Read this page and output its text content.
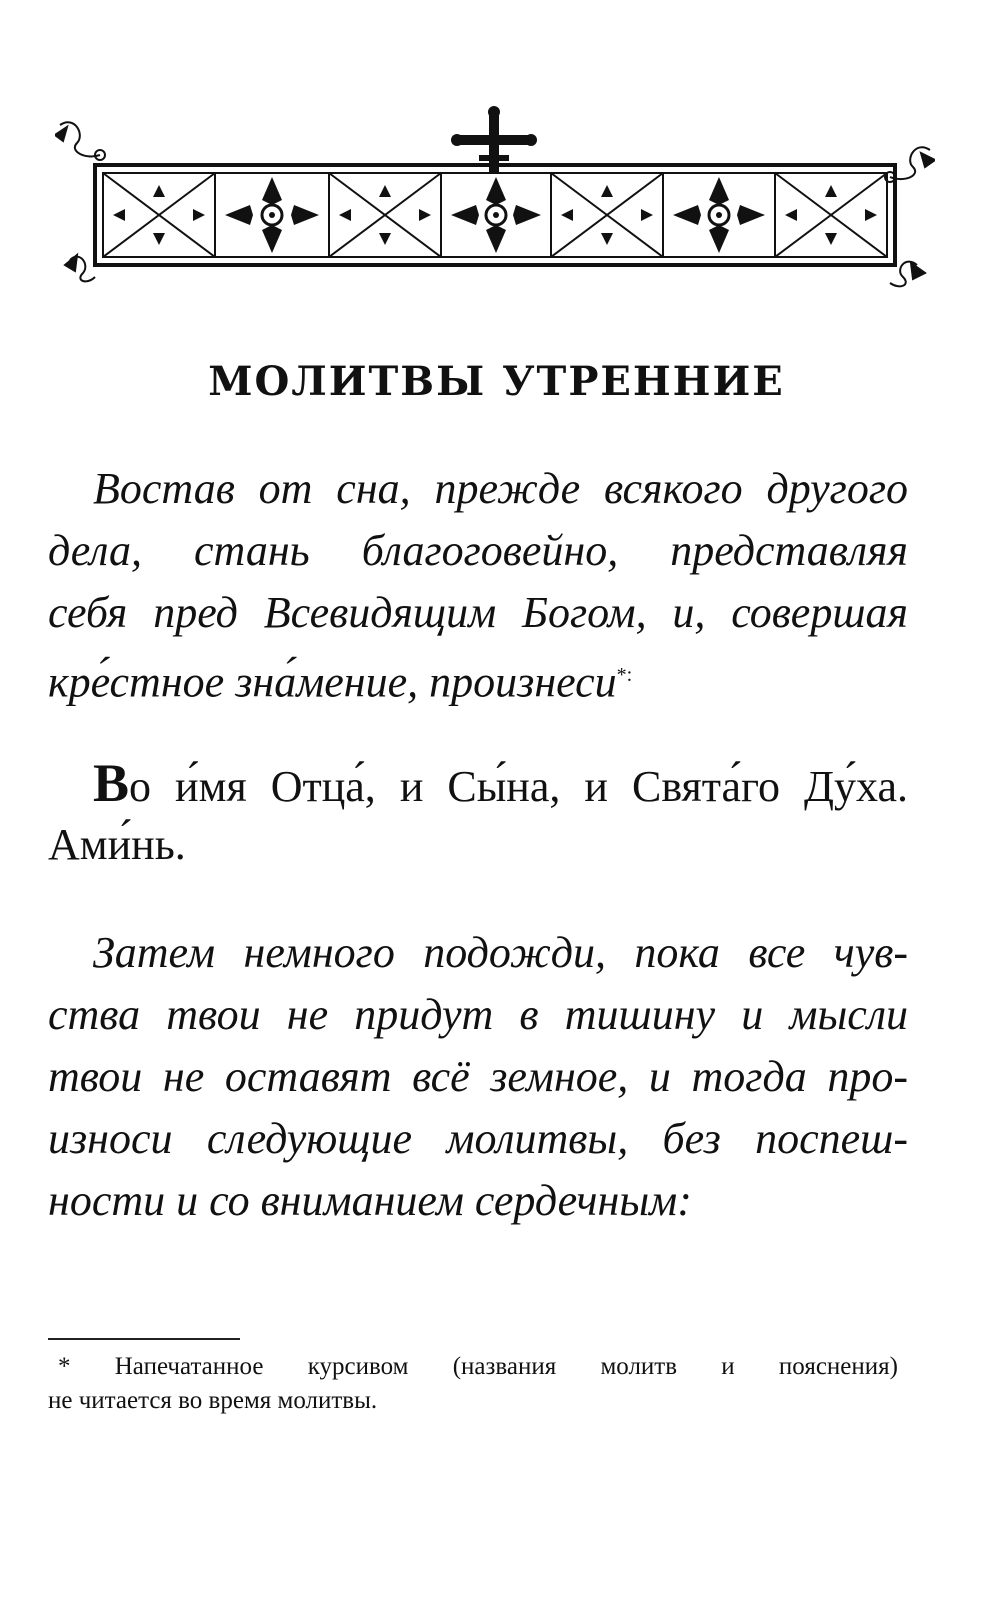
МОЛИТВЫ УТРЕННИЕ
Востав от сна, прежде всякого другого
дела, стань благоговейно, представляя
себя пред Всевидящим Богом, и, совершая
кре́стное зна́мение, произнеси*:
Во и́мя Отца́, и Сы́на, и Свята́го Ду́ха.
Ами́нь.
Затем немного подожди, пока все чув-
ства твои не придут в тишину и мысли
твои не оставят всё земное, и тогда про-
износи следующие молитвы, без поспеш-
ности и со вниманием сердечным:
* Напечатанное курсивом (названия молитв и пояснения)
не читается во время молитвы.
